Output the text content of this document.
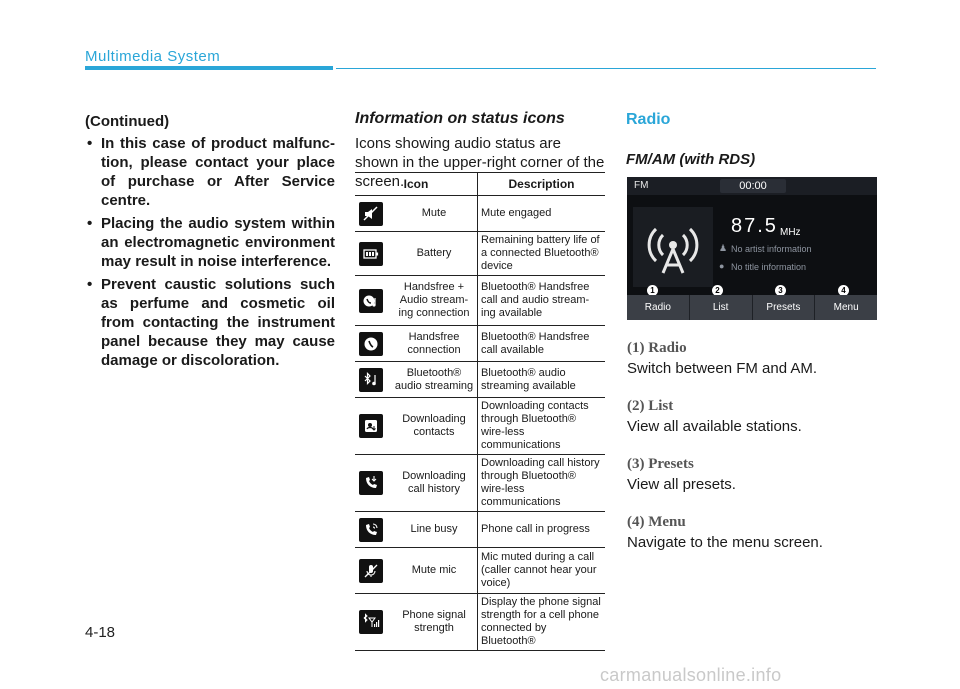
Multimedia System
(Continued)
• In this case of product malfunc-tion, please contact your place of purchase or After Service centre.
• Placing the audio system within an electromagnetic environment may result in noise interference.
• Prevent caustic solutions such as perfume and cosmetic oil from contacting the instrument panel because they may cause damage or discoloration.
Information on status icons
Icons showing audio status are shown in the upper-right corner of the screen. Icon		Description

	Mute	Mute engaged

	Battery	Remaining battery life of a connected Bluetooth® device

	Handsfree + Audio stream-ing connection	Bluetooth® Handsfree call and audio stream-ing available

	Handsfree connection	Bluetooth® Handsfree call available

	Bluetooth® audio streaming	Bluetooth® audio streaming available

	Downloading contacts	Downloading contacts through Bluetooth® wire-less communications

	Downloading call history	Downloading call history through Bluetooth® wire-less communications

	Line busy	Phone call in progress

	Mute mic	Mic muted during a call (caller cannot hear your voice)

	Phone signal strength	Display the phone signal strength for a cell phone connected by Bluetooth®
Radio
FM/AM (with RDS)
FM	00:00
87.5 MHz
♟ No artist information
● No title information
1	2	3	4
Radio	List	Presets	Menu
(1) Radio
Switch between FM and AM.
(2) List
View all available stations.
(3) Presets
View all presets.
(4) Menu
Navigate to the menu screen.
4-18
carmanualsonline.info
